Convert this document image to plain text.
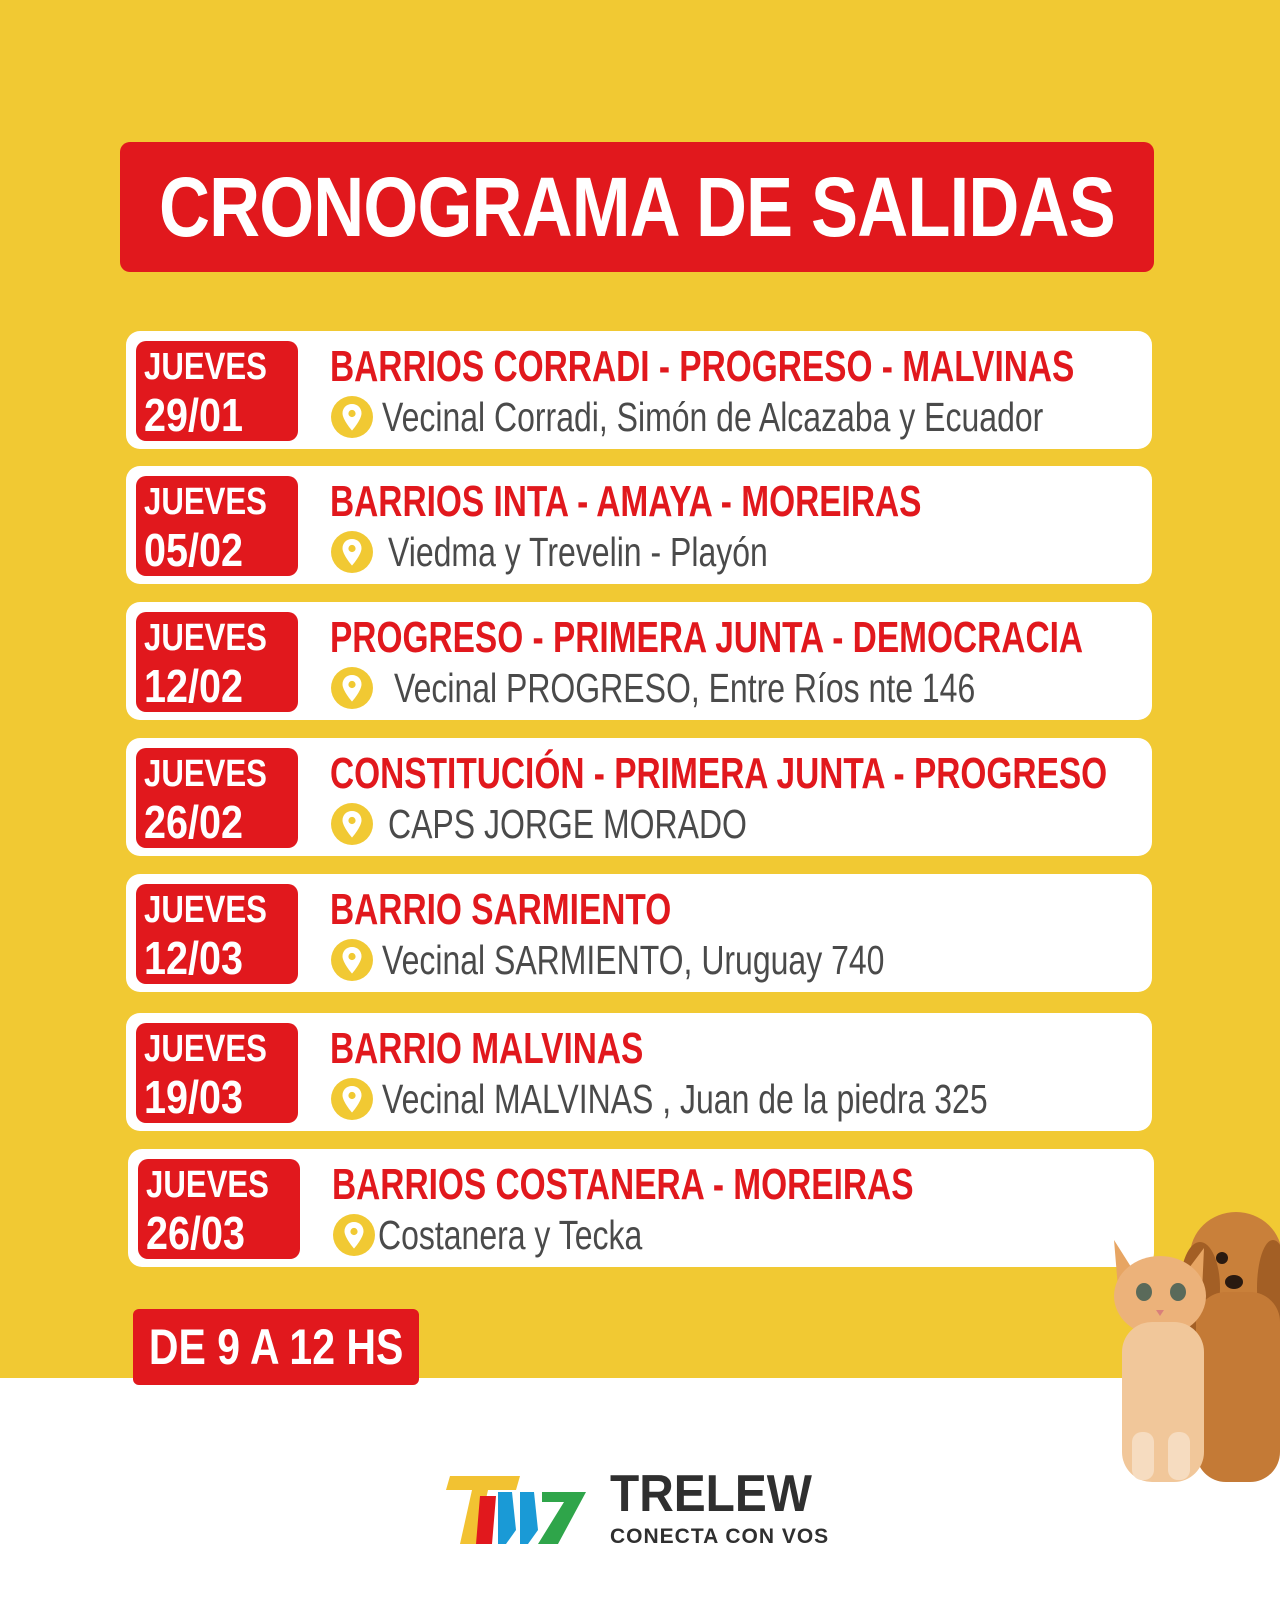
CRONOGRAMA DE SALIDAS
JUEVES
29/01
BARRIOS CORRADI - PROGRESO - MALVINAS
Vecinal Corradi, Simón de Alcazaba y Ecuador
JUEVES
05/02
BARRIOS INTA - AMAYA - MOREIRAS
Viedma y Trevelin - Playón
JUEVES
12/02
PROGRESO - PRIMERA JUNTA - DEMOCRACIA
Vecinal PROGRESO, Entre Ríos nte 146
JUEVES
26/02
CONSTITUCIÓN - PRIMERA JUNTA - PROGRESO
CAPS JORGE MORADO
JUEVES
12/03
BARRIO SARMIENTO
Vecinal SARMIENTO, Uruguay 740
JUEVES
19/03
BARRIO MALVINAS
Vecinal MALVINAS , Juan de la piedra 325
JUEVES
26/03
BARRIOS COSTANERA - MOREIRAS
Costanera y Tecka
DE 9 A 12 HS
TRELEW
CONECTA CON VOS
